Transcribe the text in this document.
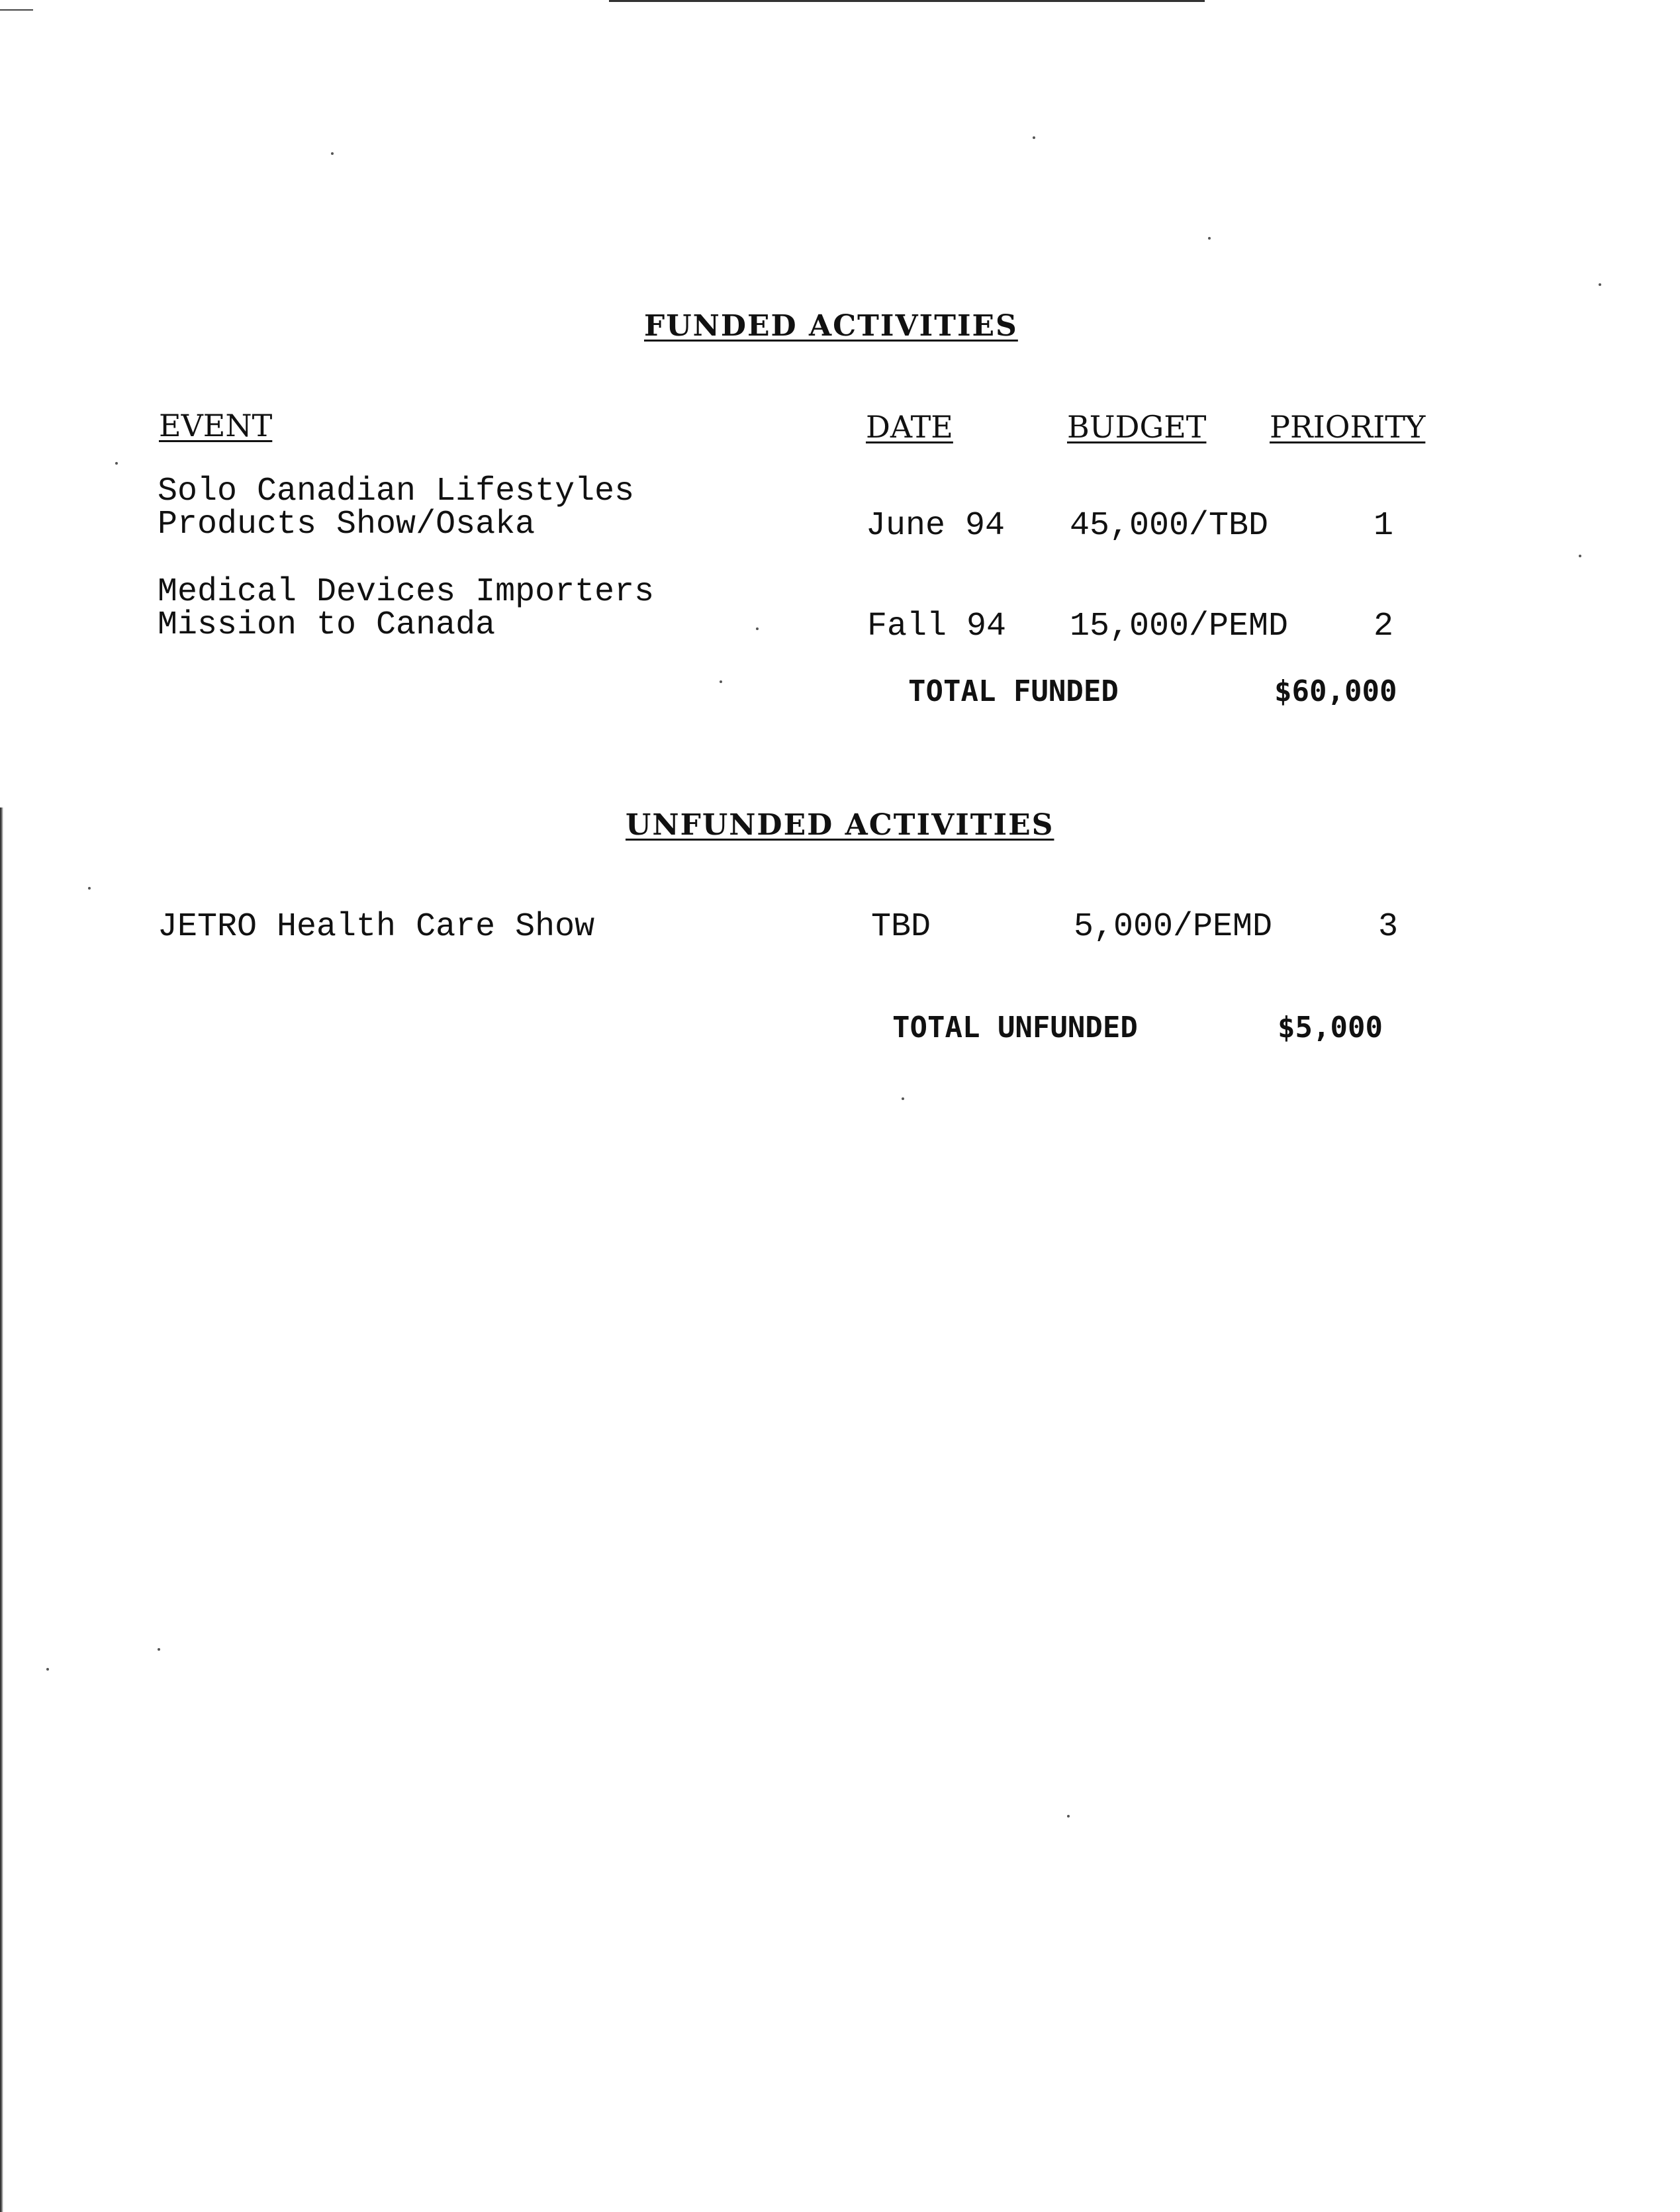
FUNDED ACTIVITIES
EVENT	DATE	BUDGET PRIORITY
Solo Canadian Lifestyles
Products Show/Osaka	June 94 45,000/TBD	1
Medical Devices Importers
Mission to Canada	Fall 94 15,000/PEMD	2
TOTAL FUNDED	$60,000
UNFUNDED ACTIVITIES
JETRO Health Care Show	TBD	5,000/PEMD	3
TOTAL UNFUNDED	$5,000
